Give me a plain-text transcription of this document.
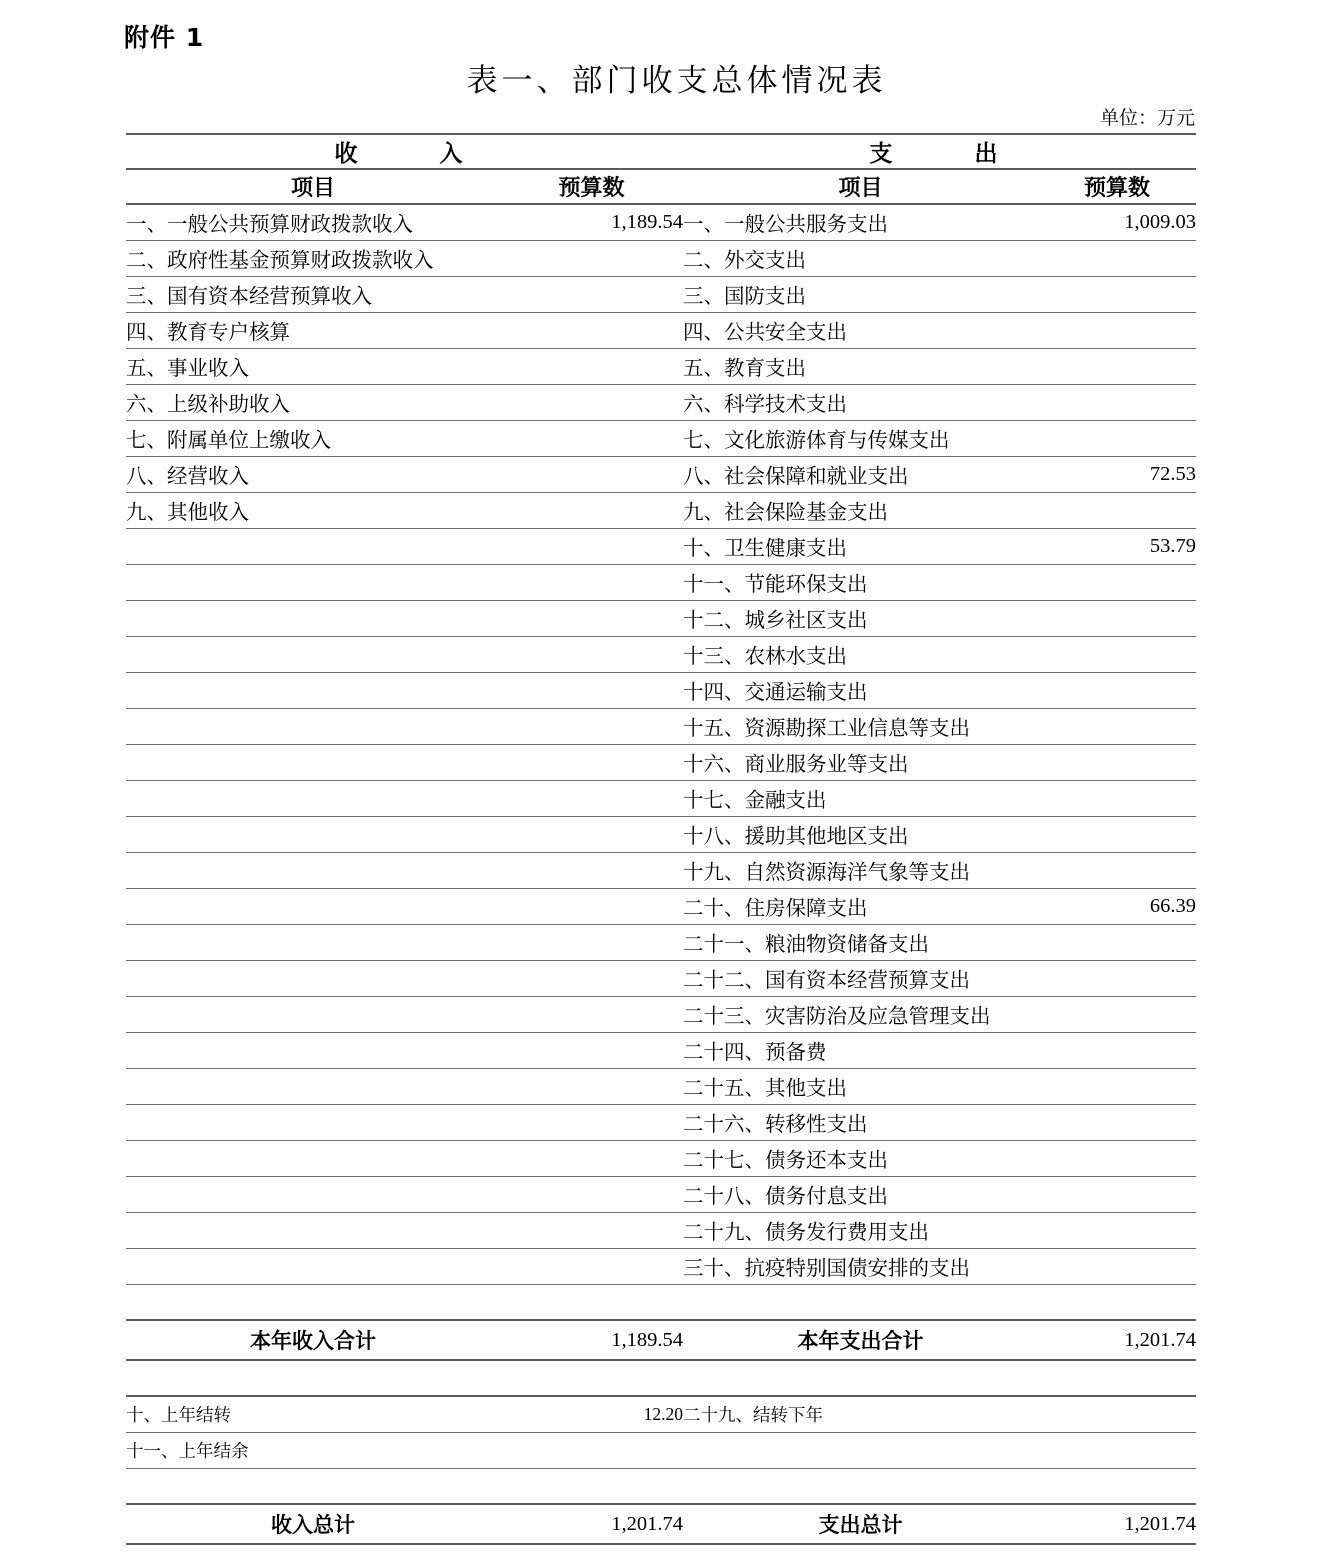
附件 1
表一、部门收支总体情况表
单位：万元
收　　入		支　　出	
项目	预算数	项目	预算数
一、一般公共预算财政拨款收入	1,189.54	一、一般公共服务支出	1,009.03
二、政府性基金预算财政拨款收入		二、外交支出	
三、国有资本经营预算收入		三、国防支出	
四、教育专户核算		四、公共安全支出	
五、事业收入		五、教育支出	
六、上级补助收入		六、科学技术支出	
七、附属单位上缴收入		七、文化旅游体育与传媒支出	
八、经营收入		八、社会保障和就业支出	72.53
九、其他收入		九、社会保险基金支出	
		十、卫生健康支出	53.79
		十一、节能环保支出	
		十二、城乡社区支出	
		十三、农林水支出	
		十四、交通运输支出	
		十五、资源勘探工业信息等支出	
		十六、商业服务业等支出	
		十七、金融支出	
		十八、援助其他地区支出	
		十九、自然资源海洋气象等支出	
		二十、住房保障支出	66.39
		二十一、粮油物资储备支出	
		二十二、国有资本经营预算支出	
		二十三、灾害防治及应急管理支出	
		二十四、预备费	
		二十五、其他支出	
		二十六、转移性支出	
		二十七、债务还本支出	
		二十八、债务付息支出	
		二十九、债务发行费用支出	
		三十、抗疫特别国债安排的支出	

本年收入合计	1,189.54	本年支出合计	1,201.74

十、上年结转	12.20	二十九、结转下年	
十一、上年结余			

收入总计	1,201.74	支出总计	1,201.74
